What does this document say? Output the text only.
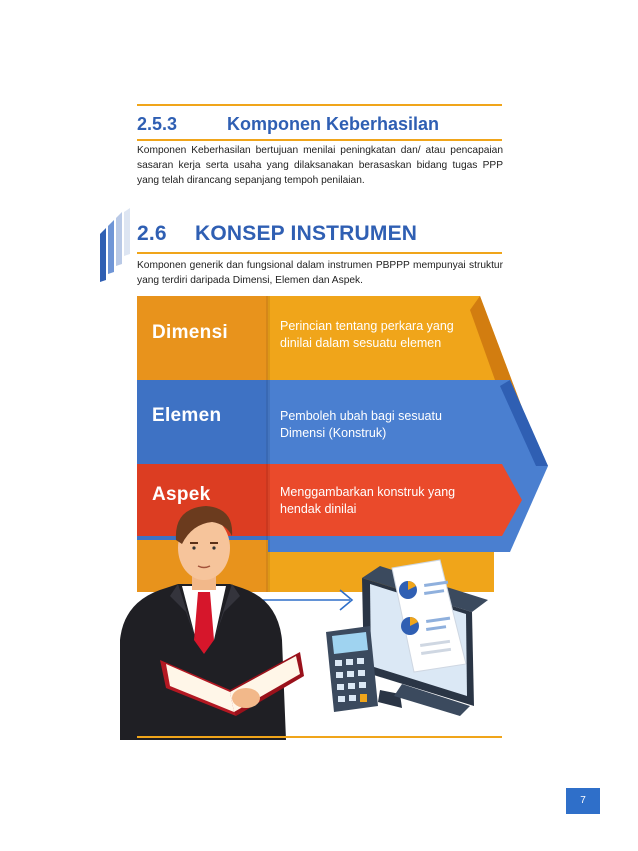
2.5.3	Komponen Keberhasilan
Komponen Keberhasilan bertujuan menilai peningkatan dan/ atau pencapaian sasaran kerja serta usaha yang dilaksanakan berasaskan bidang tugas PPP yang telah dirancang sepanjang tempoh penilaian.
2.6 KONSEP INSTRUMEN
Komponen generik dan fungsional dalam instrumen PBPPP mempunyai struktur yang terdiri daripada Dimensi, Elemen dan Aspek.
Dimensi	Perincian tentang perkara yang dinilai dalam sesuatu elemen
Elemen	Pemboleh ubah bagi sesuatu Dimensi (Konstruk)
Aspek	Menggambarkan konstruk yang hendak dinilai
7
